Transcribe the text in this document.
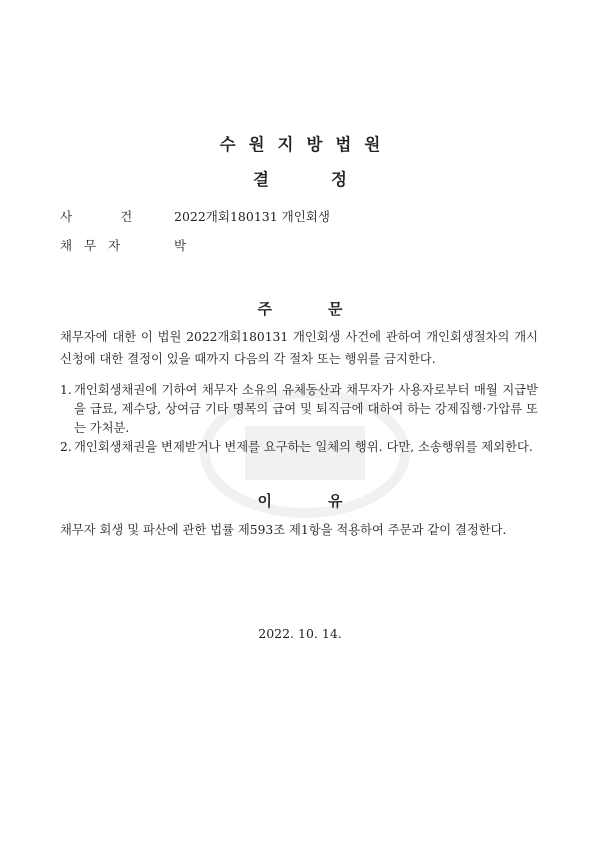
수원지방법원
결	정
사	건	2022개회180131 개인회생
채무자	박
주	문
채무자에 대한 이 법원 2022개회180131 개인회생 사건에 관하여 개인회생절차의 개시신청에 대한 결정이 있을 때까지 다음의 각 절차 또는 행위를 금지한다.
1. 개인회생채권에 기하여 채무자 소유의 유체동산과 채무자가 사용자로부터 매월 지급받을 급료, 제수당, 상여금 기타 명목의 급여 및 퇴직금에 대하여 하는 강제집행·가압류 또는 가처분.
2. 개인회생채권을 변제받거나 변제를 요구하는 일체의 행위. 다만, 소송행위를 제외한다.
이	유
채무자 회생 및 파산에 관한 법률 제593조 제1항을 적용하여 주문과 같이 결정한다.
2022. 10. 14.
